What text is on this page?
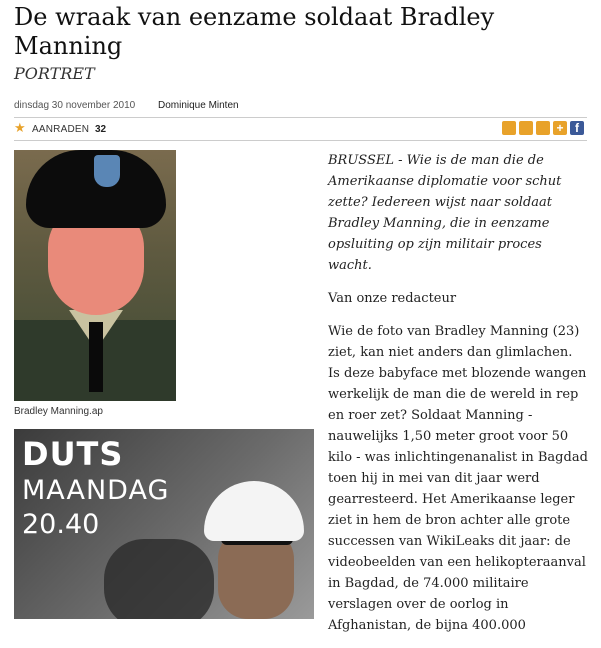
De wraak van eenzame soldaat Bradley Manning
PORTRET
dinsdag 30 november 2010 Dominique Minten
★ AANRADEN 32	+ f
Bradley Manning.ap
DUTS
MAANDAG
20.40

BRUSSEL - Wie is de man die de Amerikaanse diplomatie voor schut zette? Iedereen wijst naar soldaat Bradley Manning, die in eenzame opsluiting op zijn militair proces wacht.

Van onze redacteur

Wie de foto van Bradley Manning (23) ziet, kan niet anders dan glimlachen. Is deze babyface met blozende wangen werkelijk de man die de wereld in rep en roer zet? Soldaat Manning - nauwelijks 1,50 meter groot voor 50 kilo - was inlichtingenanalist in Bagdad toen hij in mei van dit jaar werd gearresteerd. Het Amerikaanse leger ziet in hem de bron achter alle grote successen van WikiLeaks dit jaar: de videobeelden van een helikopteraanval in Bagdad, de 74.000 militaire verslagen over de oorlog in Afghanistan, de bijna 400.000
